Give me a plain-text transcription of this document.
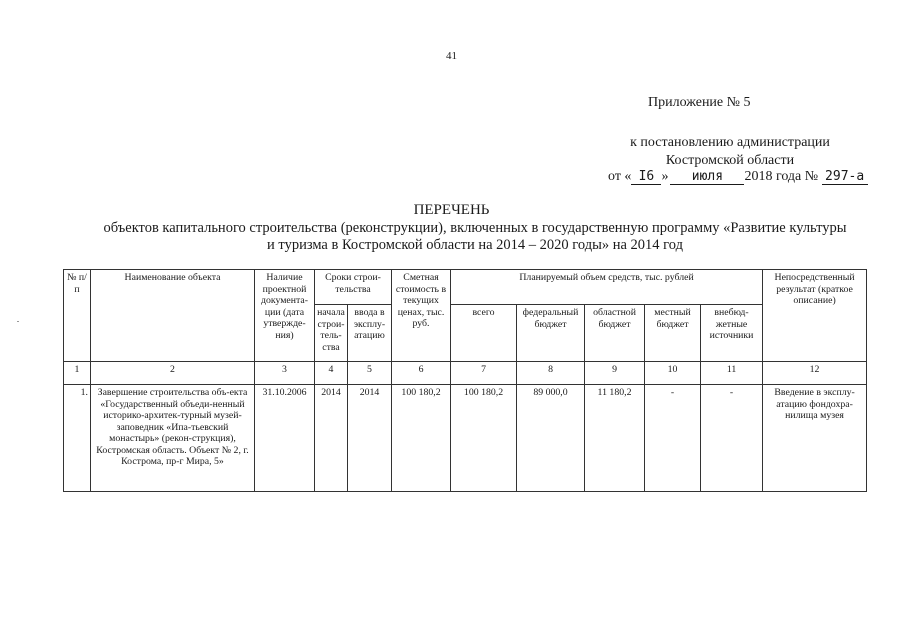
41
Приложение № 5
к постановлению администрации
Костромской области
от « I6 » июля 2018 года № 297-а
ПЕРЕЧЕНЬ
объектов капитального строительства (реконструкции), включенных в государственную программу «Развитие культуры и туризма в Костромской области на 2014 – 2020 годы» на 2014 год
№ п/п	Наименование объекта	Наличие проектной документа-ции (дата утвержде-ния)	Сроки строи-тельства		Сметная стоимость в текущих ценах, тыс. руб.	Планируемый объем средств, тыс. рублей					Непосредственный результат (краткое описание)
			начала строи-тель-ства	ввода в эксплу-атацию		всего	федеральный бюджет	областной бюджет	местный бюджет	внебюд-жетные источники	
1	2	3	4	5	6	7	8	9	10	11	12
1.	Завершение строительства объ-екта «Государственный объеди-ненный историко-архитек-турный музей-заповедник «Ипа-тьевский монастырь» (рекон-струкция), Костромская область. Объект № 2, г. Кострома, пр-г Мира, 5»	31.10.2006	2014	2014	100 180,2	100 180,2	89 000,0	11 180,2	-	-	Введение в эксплу-атацию фондохра-нилища музея
